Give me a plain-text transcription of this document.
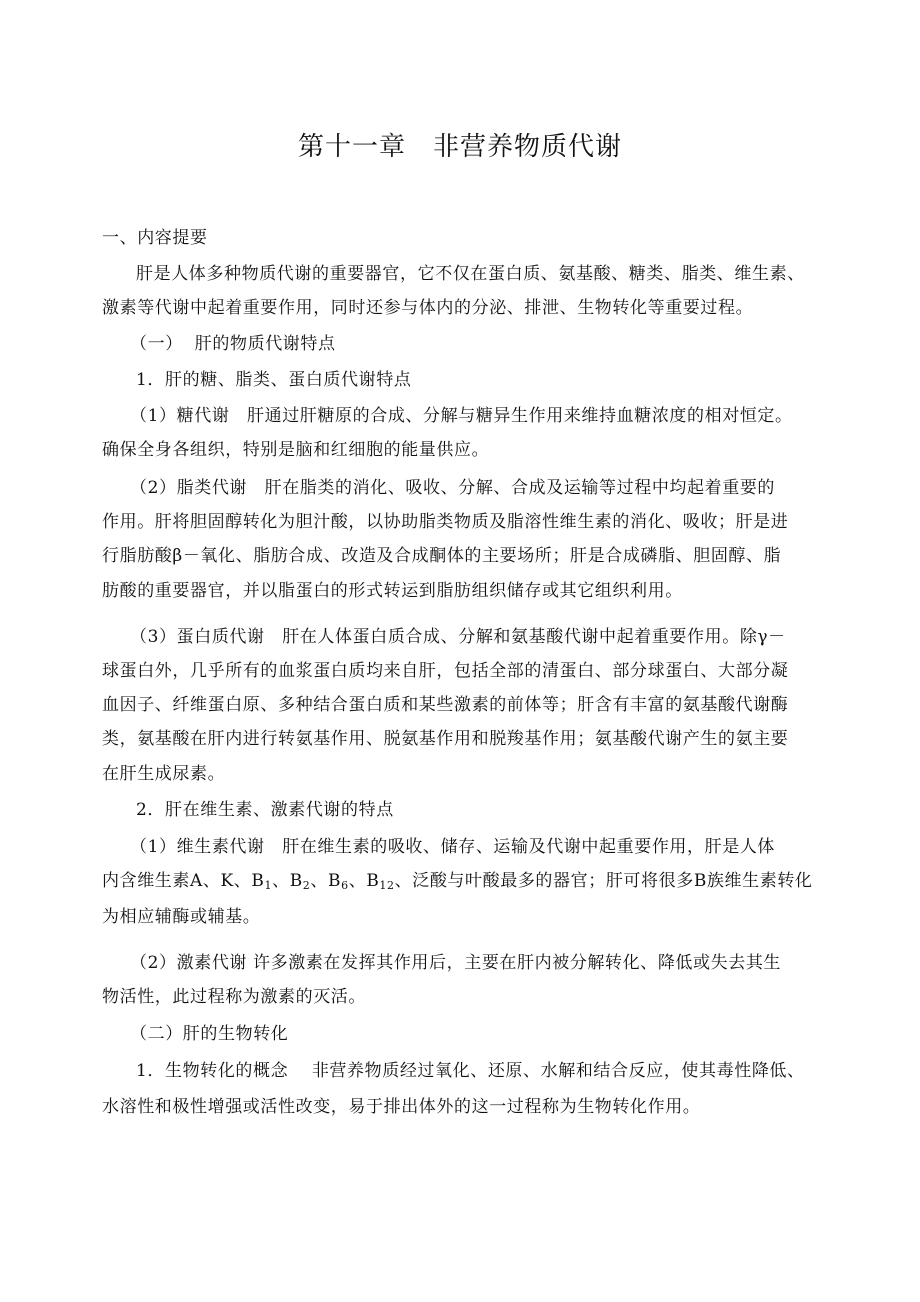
第十一章　非营养物质代谢
一、内容提要
肝是人体多种物质代谢的重要器官，它不仅在蛋白质、氨基酸、糖类、脂类、维生素、
激素等代谢中起着重要作用，同时还参与体内的分泌、排泄、生物转化等重要过程。
（一）  肝的物质代谢特点
1．肝的糖、脂类、蛋白质代谢特点
（1）糖代谢　肝通过肝糖原的合成、分解与糖异生作用来维持血糖浓度的相对恒定。
确保全身各组织，特别是脑和红细胞的能量供应。
（2）脂类代谢　肝在脂类的消化、吸收、分解、合成及运输等过程中均起着重要的
作用。肝将胆固醇转化为胆汁酸，以协助脂类物质及脂溶性维生素的消化、吸收；肝是进
行脂肪酸β－氧化、脂肪合成、改造及合成酮体的主要场所；肝是合成磷脂、胆固醇、脂
肪酸的重要器官，并以脂蛋白的形式转运到脂肪组织储存或其它组织利用。
（3）蛋白质代谢　肝在人体蛋白质合成、分解和氨基酸代谢中起着重要作用。除γ－
球蛋白外，几乎所有的血浆蛋白质均来自肝，包括全部的清蛋白、部分球蛋白、大部分凝
血因子、纤维蛋白原、多种结合蛋白质和某些激素的前体等；肝含有丰富的氨基酸代谢酶
类，氨基酸在肝内进行转氨基作用、脱氨基作用和脱羧基作用；氨基酸代谢产生的氨主要
在肝生成尿素。
2．肝在维生素、激素代谢的特点
（1）维生素代谢　肝在维生素的吸收、储存、运输及代谢中起重要作用，肝是人体
内含维生素A、K、$B_1$、$B_2$、$B_6$、$B_{12}$、泛酸与叶酸最多的器官；肝可将很多B族维生素转化
为相应辅酶或辅基。
（2）激素代谢 许多激素在发挥其作用后，主要在肝内被分解转化、降低或失去其生
物活性，此过程称为激素的灭活。
（二）肝的生物转化
1．生物转化的概念　 非营养物质经过氧化、还原、水解和结合反应，使其毒性降低、
水溶性和极性增强或活性改变，易于排出体外的这一过程称为生物转化作用。
